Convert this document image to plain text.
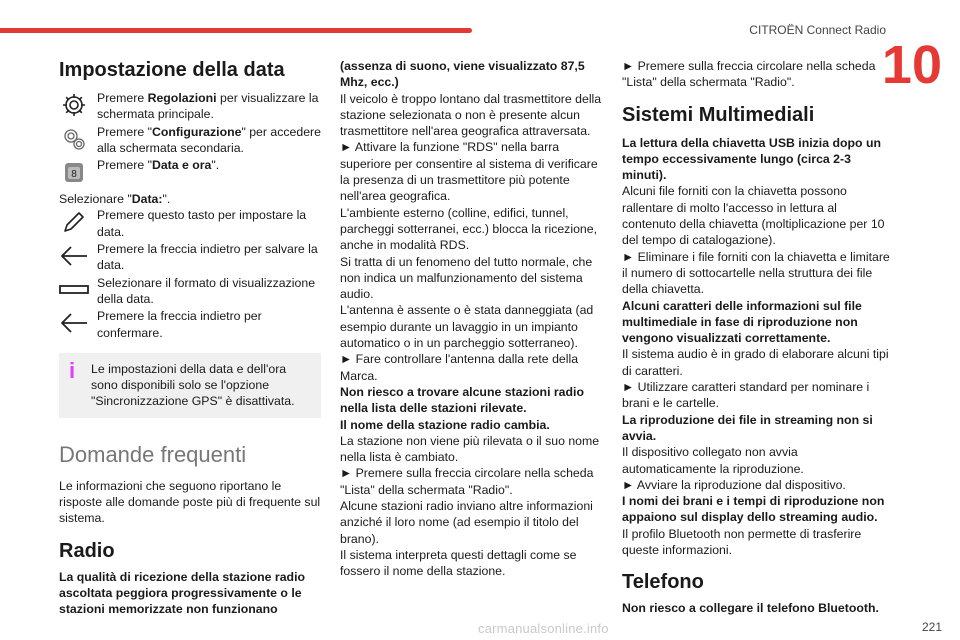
CITROËN Connect Radio
10
Impostazione della data
Premere Regolazioni per visualizzare la schermata principale.
Premere "Configurazione" per accedere alla schermata secondaria.
8
Premere "Data e ora".

Selezionare "Data:".

Premere questo tasto per impostare la data.
Premere la freccia indietro per salvare la data.
Selezionare il formato di visualizzazione della data.
Premere la freccia indietro per confermare.
i	Le impostazioni della data e dell'ora sono disponibili solo se l'opzione "Sincronizzazione GPS" è disattivata.
Domande frequenti

Le informazioni che seguono riportano le risposte alle domande poste più di frequente sul sistema.

Radio

La qualità di ricezione della stazione radio ascoltata peggiora progressivamente o le stazioni memorizzate non funzionano

(assenza di suono, viene visualizzato 87,5 Mhz, ecc.)

Il veicolo è troppo lontano dal trasmettitore della stazione selezionata o non è presente alcun trasmettitore nell'area geografica attraversata.

► Attivare la funzione "RDS" nella barra superiore per consentire al sistema di verificare la presenza di un trasmettitore più potente nell'area geografica.

L'ambiente esterno (colline, edifici, tunnel, parcheggi sotterranei, ecc.) blocca la ricezione, anche in modalità RDS.

Si tratta di un fenomeno del tutto normale, che non indica un malfunzionamento del sistema audio.

L'antenna è assente o è stata danneggiata (ad esempio durante un lavaggio in un impianto automatico o in un parcheggio sotterraneo).

► Fare controllare l'antenna dalla rete della Marca.

Non riesco a trovare alcune stazioni radio nella lista delle stazioni rilevate.

Il nome della stazione radio cambia.

La stazione non viene più rilevata o il suo nome nella lista è cambiato.

► Premere sulla freccia circolare nella scheda "Lista" della schermata "Radio".

Alcune stazioni radio inviano altre informazioni anziché il loro nome (ad esempio il titolo del brano).

Il sistema interpreta questi dettagli come se fossero il nome della stazione.

► Premere sulla freccia circolare nella scheda "Lista" della schermata "Radio".

Sistemi Multimediali

La lettura della chiavetta USB inizia dopo un tempo eccessivamente lungo (circa 2-3 minuti).

Alcuni file forniti con la chiavetta possono rallentare di molto l'accesso in lettura al contenuto della chiavetta (moltiplicazione per 10 del tempo di catalogazione).

► Eliminare i file forniti con la chiavetta e limitare il numero di sottocartelle nella struttura dei file della chiavetta.

Alcuni caratteri delle informazioni sul file multimediale in fase di riproduzione non vengono visualizzati correttamente.

Il sistema audio è in grado di elaborare alcuni tipi di caratteri.

► Utilizzare caratteri standard per nominare i brani e le cartelle.

La riproduzione dei file in streaming non si avvia.

Il dispositivo collegato non avvia automaticamente la riproduzione.

► Avviare la riproduzione dal dispositivo.

I nomi dei brani e i tempi di riproduzione non appaiono sul display dello streaming audio.

Il profilo Bluetooth non permette di trasferire queste informazioni.

Telefono

Non riesco a collegare il telefono Bluetooth.

carmanualsonline.info	221
